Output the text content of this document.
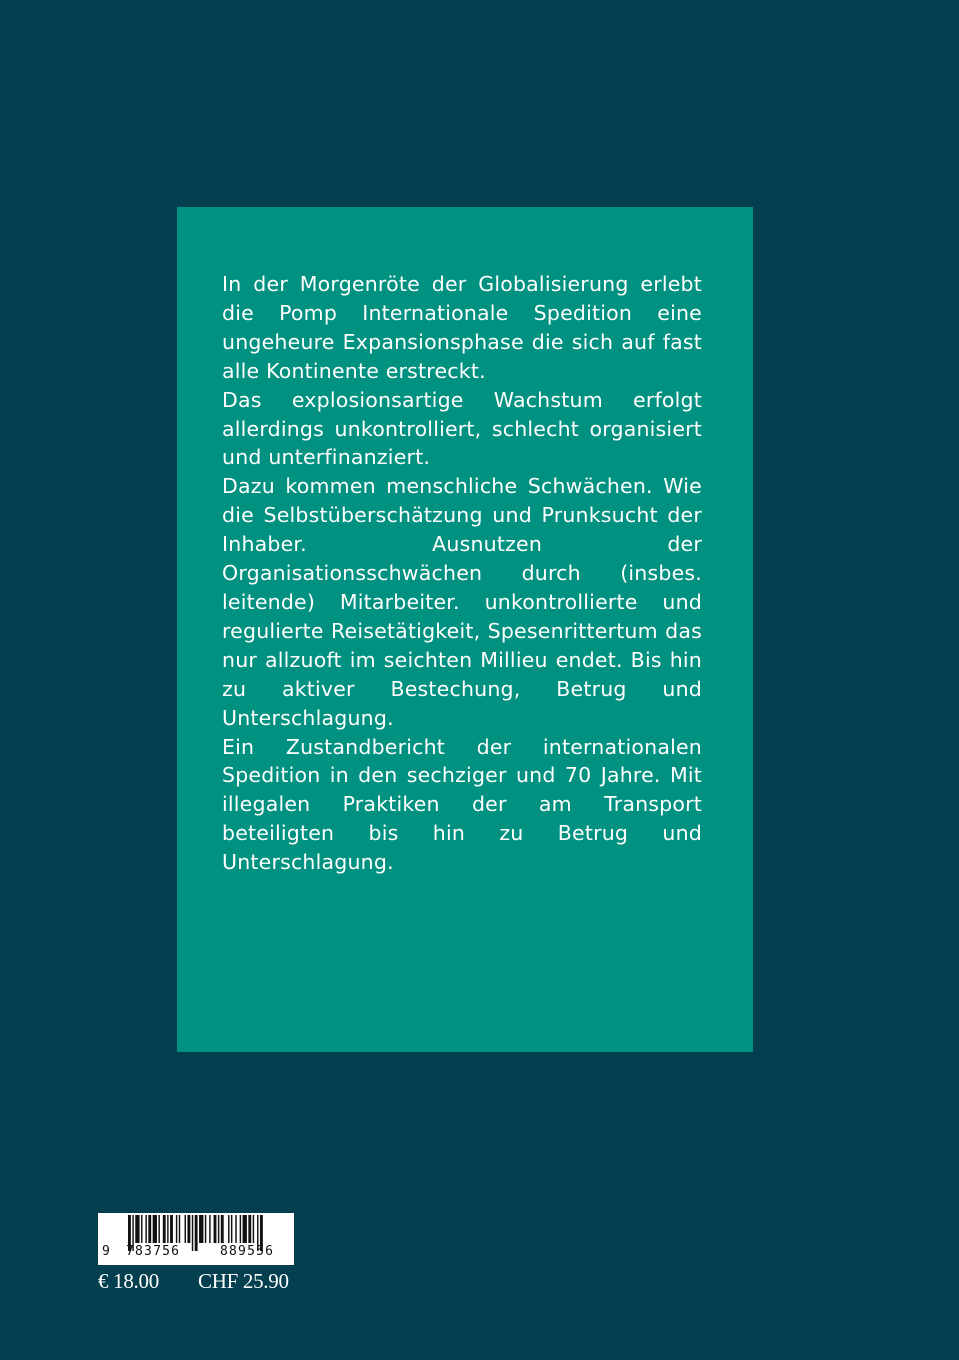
In der Morgenröte der Globalisierung erlebt die Pomp Internationale Spedition eine ungeheure Expansionsphase die sich auf fast alle Kontinente erstreckt.
Das explosionsartige Wachstum erfolgt allerdings unkontrolliert, schlecht organisiert und unterfinanziert.
Dazu kommen menschliche Schwächen. Wie die Selbstüberschätzung und Prunksucht der Inhaber. Ausnutzen der Organisationsschwächen durch (insbes. leitende) Mitarbeiter. unkontrollierte und regulierte Reisetätigkeit, Spesenrittertum das nur allzuoft im seichten Millieu endet. Bis hin zu aktiver Bestechung, Betrug und Unterschlagung.
Ein Zustandbericht der internationalen Spedition in den sechziger und 70 Jahre. Mit illegalen Praktiken der am Transport beteiligten bis hin zu Betrug und Unterschlagung.
9 783756	889556
€ 18.00 CHF 25.90
